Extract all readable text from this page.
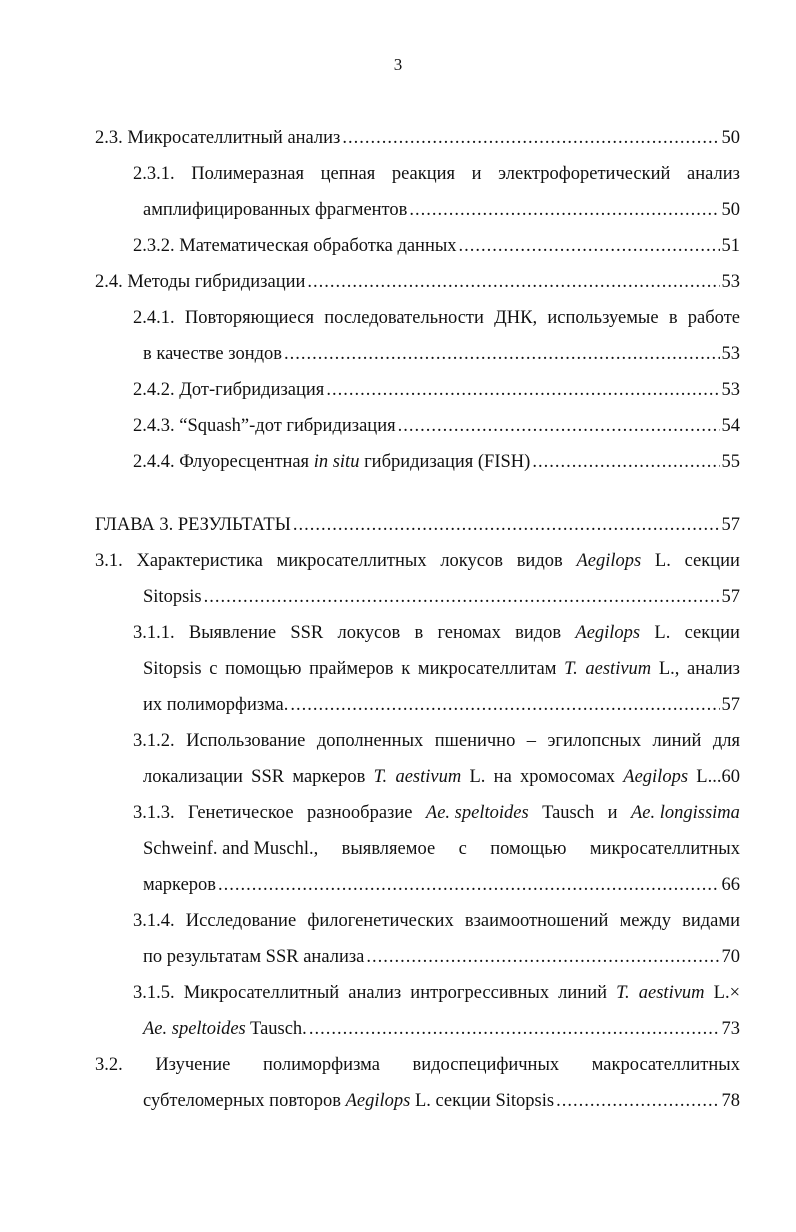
3
2.3. Микросателлитный анализ .....	50
2.3.1. Полимеразная цепная реакция и электрофоретический анализ
амплифицированных фрагментов .....	50
2.3.2. Математическая обработка данных .....	51
2.4. Методы гибридизации .....	53
2.4.1. Повторяющиеся последовательности ДНК, используемые в работе
в качестве зондов .....	53
2.4.2. Дот-гибридизация .....	53
2.4.3. “Squash”-дот гибридизация .....	54
2.4.4. Флуоресцентная in situ гибридизация (FISH) .....	55
ГЛАВА 3. РЕЗУЛЬТАТЫ .....	57
3.1. Характеристика микросателлитных локусов видов Aegilops L. секции
Sitopsis .....	57
3.1.1. Выявление SSR локусов в геномах видов Aegilops L. секции
Sitopsis с помощью праймеров к микросателлитам T. aestivum L., анализ
их полиморфизма. .....	57
3.1.2. Использование дополненных пшенично – эгилопсных линий для
локализации SSR маркеров T. aestivum L. на хромосомах Aegilops L...60
3.1.3. Генетическое разнообразие Ae. speltoides Tausch и Ae. longissima
Schweinf. and Muschl., выявляемое с помощью микросателлитных
маркеров .....	66
3.1.4. Исследование филогенетических взаимоотношений между видами
по результатам SSR анализа .....	70
3.1.5. Микросателлитный анализ интрогрессивных линий T. aestivum L.×
Ae. speltoides Tausch. .....	73
3.2. Изучение полиморфизма видоспецифичных макросателлитных
субтеломерных повторов Aegilops L. секции Sitopsis .....	78
